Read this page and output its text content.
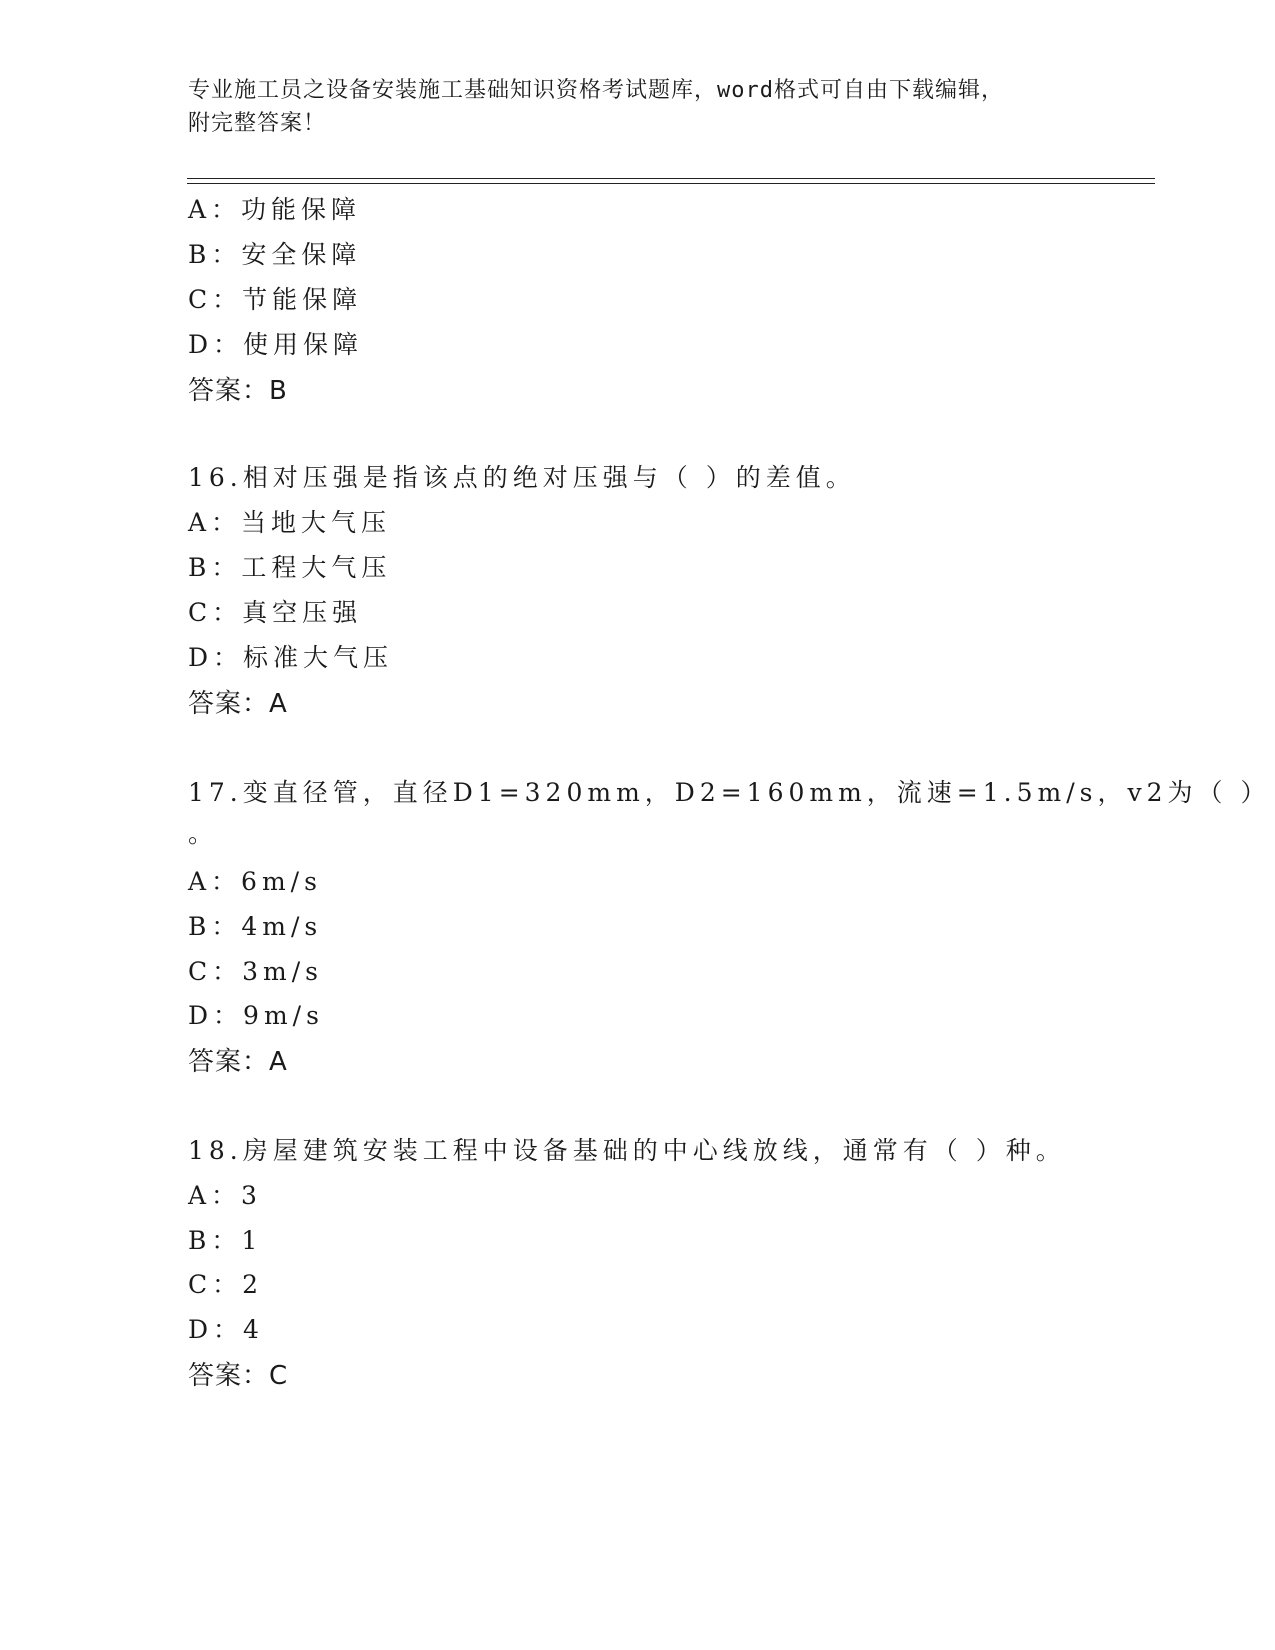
专业施工员之设备安装施工基础知识资格考试题库，word格式可自由下载编辑，
附完整答案！
A：功能保障
B：安全保障
C：节能保障
D：使用保障
答案：B
16.相对压强是指该点的绝对压强与（ ）的差值。
A：当地大气压
B：工程大气压
C：真空压强
D：标准大气压
答案：A
17.变直径管，直径D1=320mm，D2=160mm，流速=1.5m/s，v2为（ ）
。
A：6m/s
B：4m/s
C：3m/s
D：9m/s
答案：A
18.房屋建筑安装工程中设备基础的中心线放线，通常有（ ）种。
A：3
B：1
C：2
D：4
答案：C
